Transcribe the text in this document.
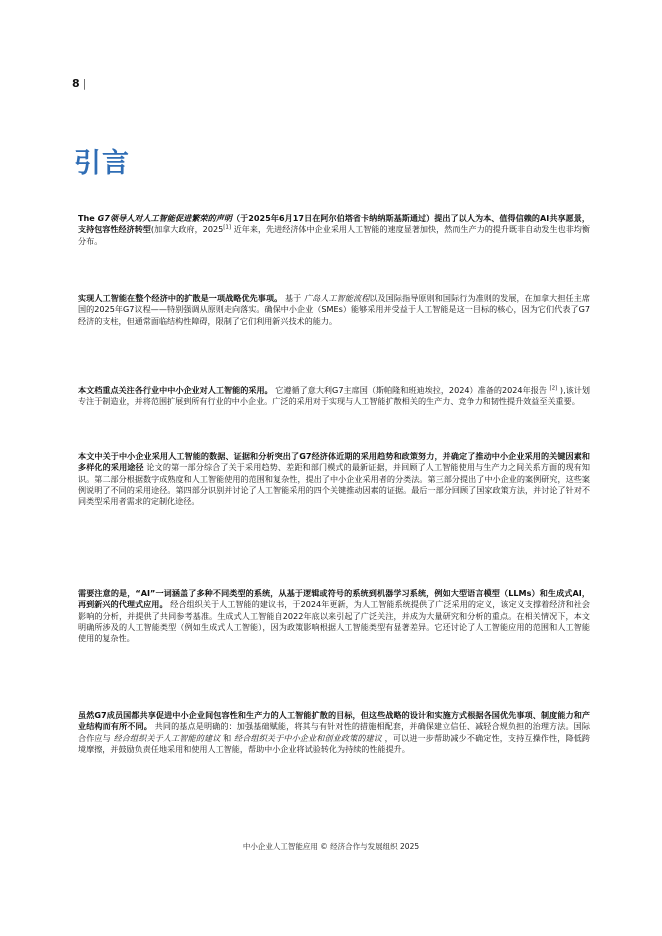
8 |
引言
The G7领导人对人工智能促进繁荣的声明（于2025年6月17日在阿尔伯塔省卡纳纳斯基斯通过）提出了以人为本、值得信赖的AI共享愿景，支持包容性经济转型(加拿大政府，2025[1] 近年来，先进经济体中企业采用人工智能的速度显著加快，然而生产力的提升既非自动发生也非均衡分布。
实现人工智能在整个经济中的扩散是一项战略优先事项。 基于 广岛人工智能流程以及国际指导原则和国际行为准则的发展，在加拿大担任主席国的2025年G7议程——特别强调从原则走向落实。确保中小企业（SMEs）能够采用并受益于人工智能是这一目标的核心，因为它们代表了G7经济的支柱，但通常面临结构性障碍，限制了它们利用新兴技术的能力。
本文档重点关注各行业中中小企业对人工智能的采用。 它遵循了意大利G7主席国（斯帕隆和班迪埃拉，2024）准备的2024年报告 [2] ),该计划专注于制造业，并将范围扩展到所有行业的中小企业。广泛的采用对于实现与人工智能扩散相关的生产力、竞争力和韧性提升效益至关重要。
本文中关于中小企业采用人工智能的数据、证据和分析突出了G7经济体近期的采用趋势和政策努力，并确定了推动中小企业采用的关键因素和多样化的采用途径 论文的第一部分综合了关于采用趋势、差距和部门模式的最新证据，并回顾了人工智能使用与生产力之间关系方面的现有知识。第二部分根据数字成熟度和人工智能使用的范围和复杂性，提出了中小企业采用者的分类法。第三部分提出了中小企业的案例研究，这些案例说明了不同的采用途径。第四部分识别并讨论了人工智能采用的四个关键推动因素的证据。最后一部分回顾了国家政策方法，并讨论了针对不同类型采用者需求的定制化途径。
需要注意的是，“AI”一词涵盖了多种不同类型的系统，从基于逻辑或符号的系统到机器学习系统，例如大型语言模型（LLMs）和生成式AI，再到新兴的代理式应用。 经合组织关于人工智能的建议书，于2024年更新，为人工智能系统提供了广泛采用的定义，该定义支撑着经济和社会影响的分析，并提供了共同参考基准。生成式人工智能自2022年底以来引起了广泛关注，并成为大量研究和分析的重点。在相关情况下，本文明确所涉及的人工智能类型（例如生成式人工智能），因为政策影响根据人工智能类型有显著差异。它还讨论了人工智能应用的范围和人工智能使用的复杂性。
虽然G7成员国都共享促进中小企业间包容性和生产力的人工智能扩散的目标，但这些战略的设计和实施方式根据各国优先事项、制度能力和产业结构而有所不同。 共同的基点是明确的：加强基础赋能，将其与有针对性的措施相配套，并确保建立信任、减轻合规负担的治理方法。国际合作应与 经合组织关于人工智能的建议 和 经合组织关于中小企业和创业政策的建议 ，可以进一步帮助减少不确定性，支持互操作性，降低跨境摩擦，并鼓励负责任地采用和使用人工智能，帮助中小企业将试验转化为持续的性能提升。
中小企业人工智能应用 © 经济合作与发展组织 2025
